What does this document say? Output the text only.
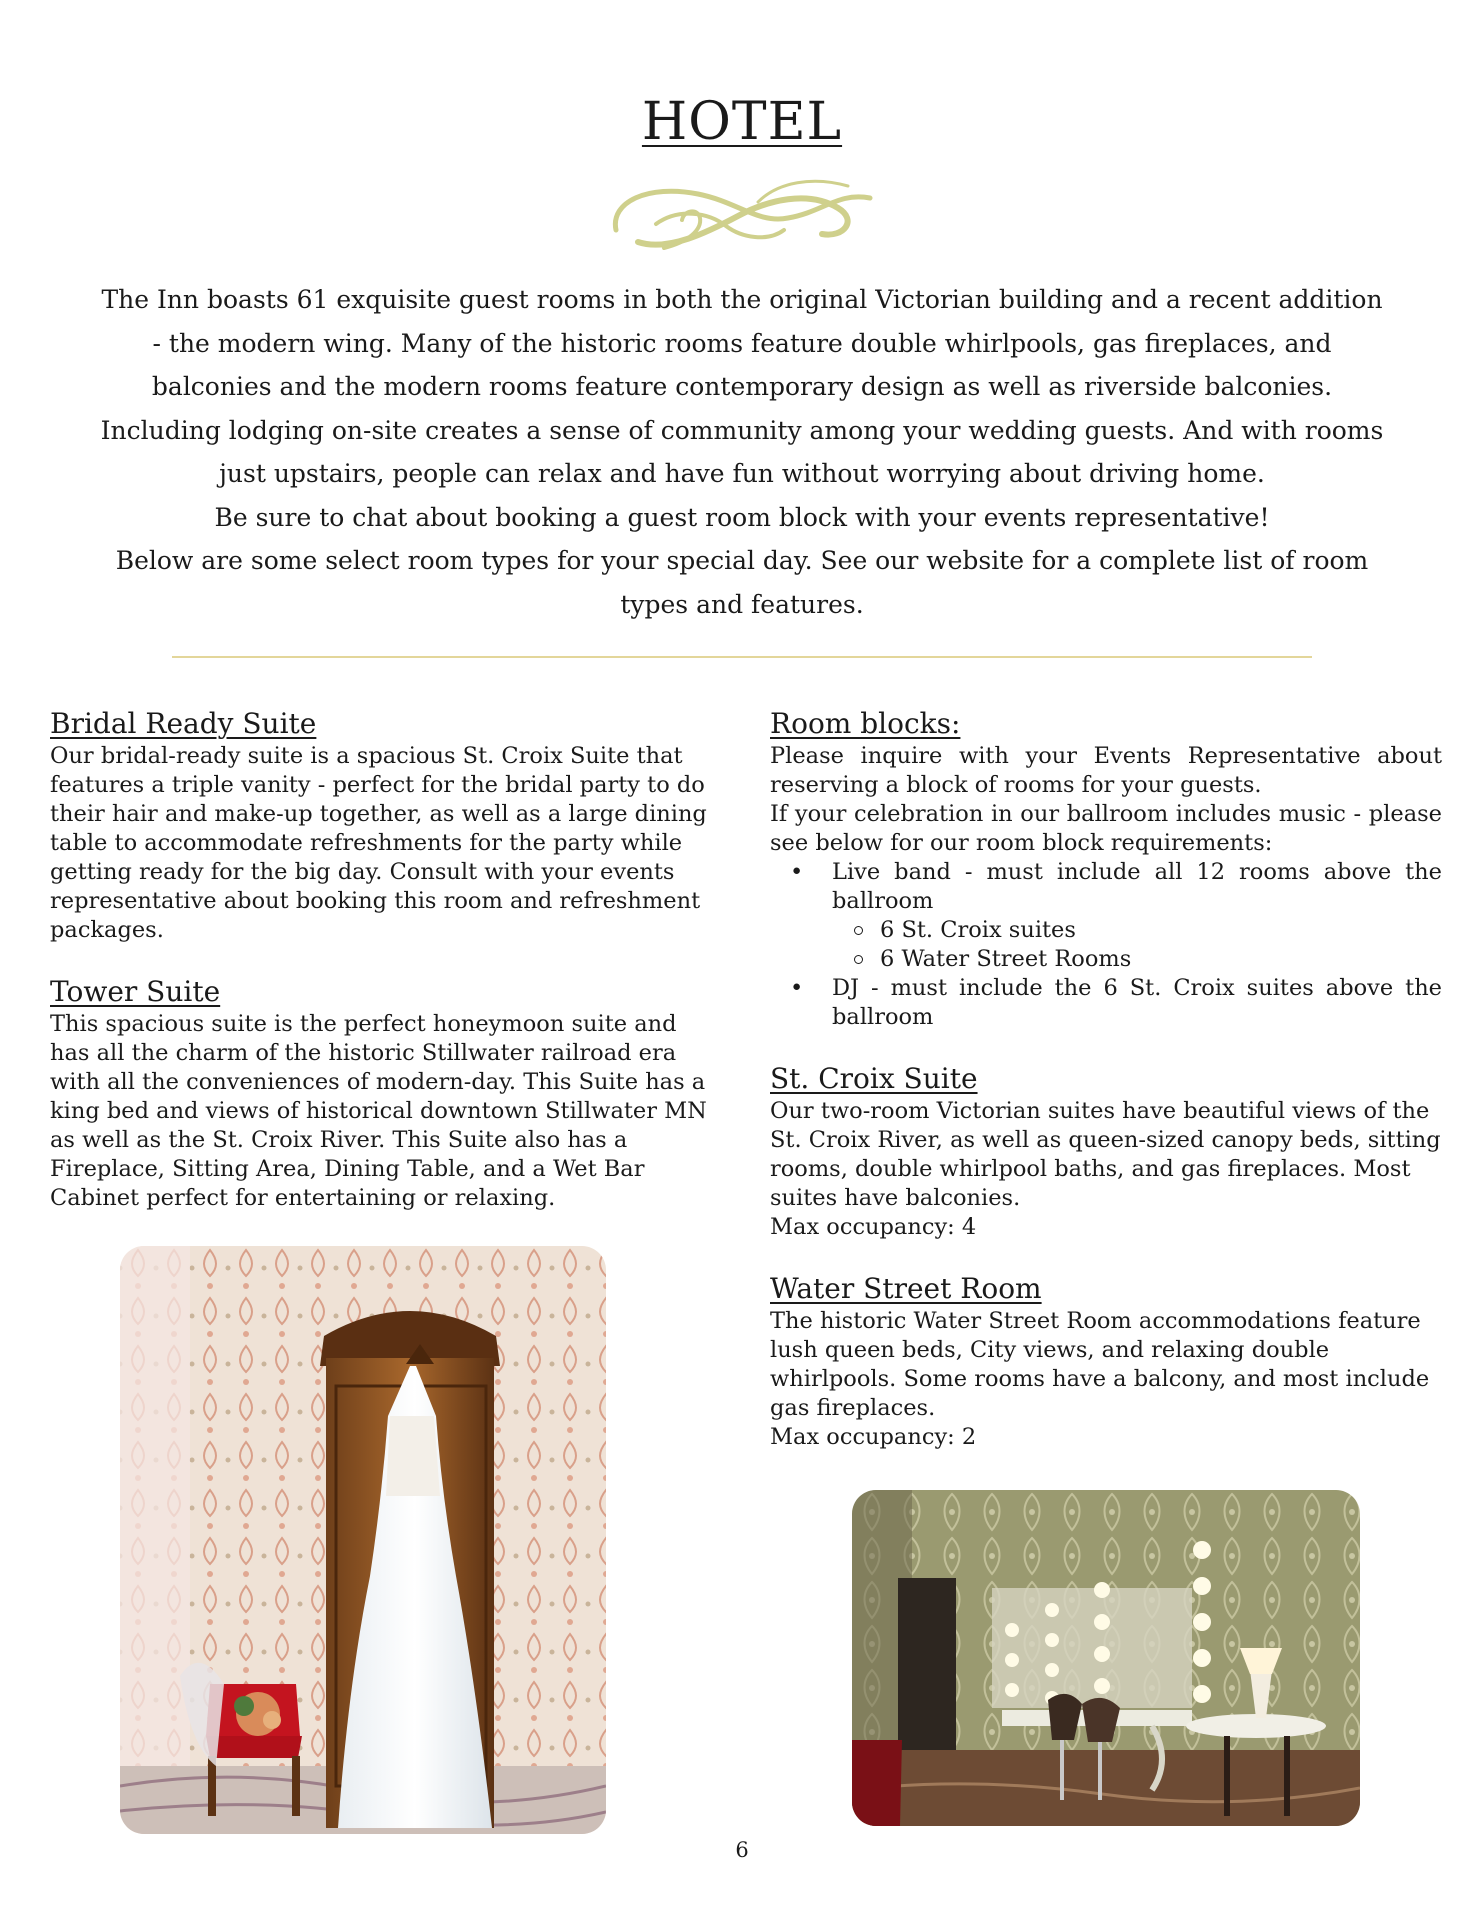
HOTEL

The Inn boasts 61 exquisite guest rooms in both the original Victorian building and a recent addition - the modern wing. Many of the historic rooms feature double whirlpools, gas fireplaces, and balconies and the modern rooms feature contemporary design as well as riverside balconies. Including lodging on-site creates a sense of community among your wedding guests. And with rooms just upstairs, people can relax and have fun without worrying about driving home.

Be sure to chat about booking a guest room block with your events representative!

Below are some select room types for your special day. See our website for a complete list of room types and features.

Bridal Ready Suite

Our bridal-ready suite is a spacious St. Croix Suite that features a triple vanity - perfect for the bridal party to do their hair and make-up together, as well as a large dining table to accommodate refreshments for the party while getting ready for the big day. Consult with your events representative about booking this room and refreshment packages.

Tower Suite

This spacious suite is the perfect honeymoon suite and has all the charm of the historic Stillwater railroad era with all the conveniences of modern-day. This Suite has a king bed and views of historical downtown Stillwater MN as well as the St. Croix River. This Suite also has a Fireplace, Sitting Area, Dining Table, and a Wet Bar Cabinet perfect for entertaining or relaxing.

Room blocks:

Please inquire with your Events Representative about reserving a block of rooms for your guests.

If your celebration in our ballroom includes music - please see below for our room block requirements:

• Live band - must include all 12 rooms above the ballroom
6 St. Croix suites
6 Water Street Rooms
• DJ - must include the 6 St. Croix suites above the ballroom
St. Croix Suite

Our two-room Victorian suites have beautiful views of the St. Croix River, as well as queen-sized canopy beds, sitting rooms, double whirlpool baths, and gas fireplaces. Most suites have balconies.

Max occupancy: 4

Water Street Room

The historic Water Street Room accommodations feature lush queen beds, City views, and relaxing double whirlpools. Some rooms have a balcony, and most include gas fireplaces.

Max occupancy: 2

6
